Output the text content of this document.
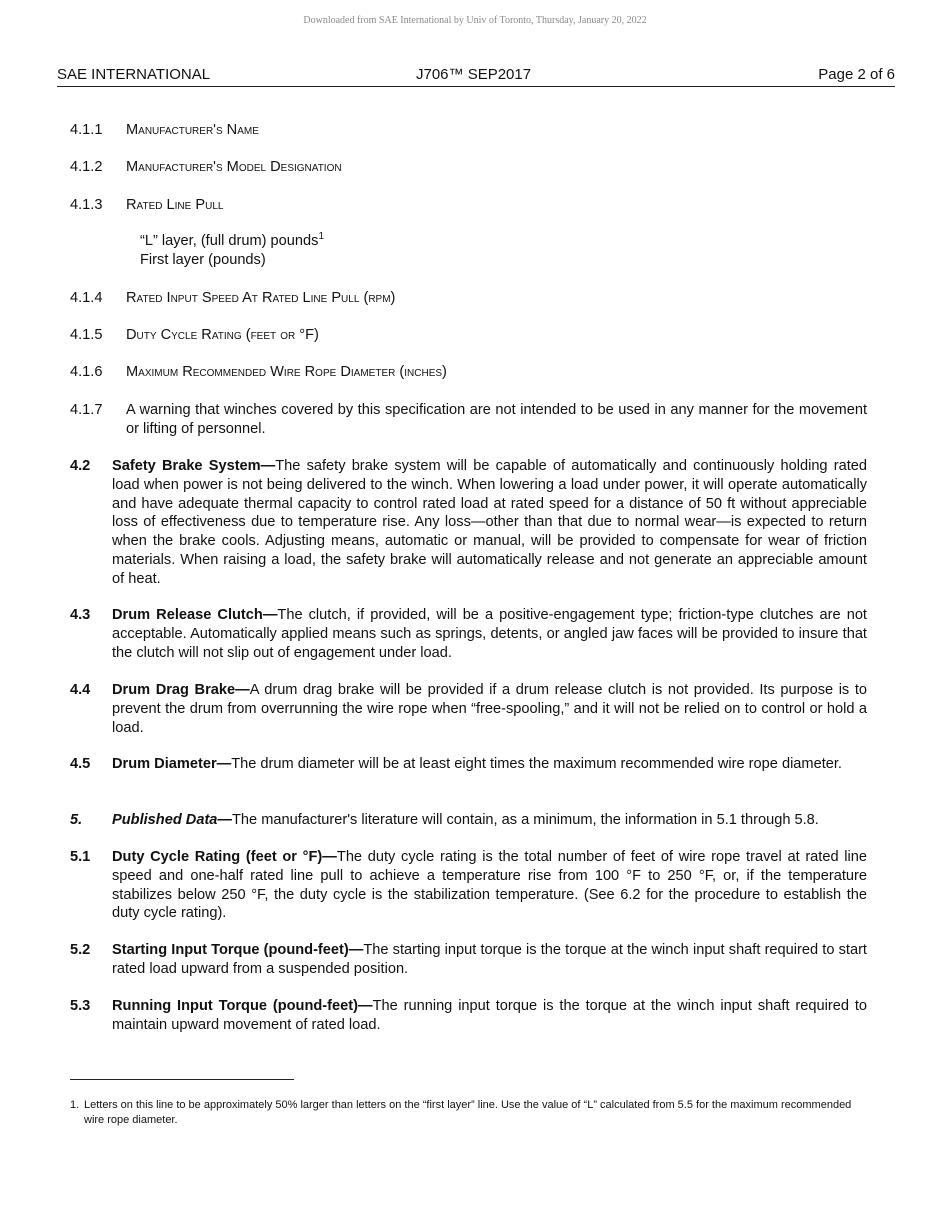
Downloaded from SAE International by Univ of Toronto, Thursday, January 20, 2022
SAE INTERNATIONAL	J706™ SEP2017	Page 2 of 6
4.1.1 Manufacturer's Name
4.1.2 Manufacturer's Model Designation
4.1.3 Rated Line Pull
“L” layer, (full drum) pounds$^1$
First layer (pounds)
4.1.4 Rated Input Speed At Rated Line Pull (rpm)
4.1.5 Duty Cycle Rating (feet or °F)
4.1.6 Maximum Recommended Wire Rope Diameter (inches)
4.1.7 A warning that winches covered by this specification are not intended to be used in any manner for the movement or lifting of personnel.
4.2 Safety Brake System—The safety brake system will be capable of automatically and continuously holding rated load when power is not being delivered to the winch. When lowering a load under power, it will operate automatically and have adequate thermal capacity to control rated load at rated speed for a distance of 50 ft without appreciable loss of effectiveness due to temperature rise. Any loss—other than that due to normal wear—is expected to return when the brake cools. Adjusting means, automatic or manual, will be provided to compensate for wear of friction materials. When raising a load, the safety brake will automatically release and not generate an appreciable amount of heat.
4.3 Drum Release Clutch—The clutch, if provided, will be a positive-engagement type; friction-type clutches are not acceptable. Automatically applied means such as springs, detents, or angled jaw faces will be provided to insure that the clutch will not slip out of engagement under load.
4.4 Drum Drag Brake—A drum drag brake will be provided if a drum release clutch is not provided. Its purpose is to prevent the drum from overrunning the wire rope when “free-spooling,” and it will not be relied on to control or hold a load.
4.5 Drum Diameter—The drum diameter will be at least eight times the maximum recommended wire rope diameter.
5. Published Data—The manufacturer's literature will contain, as a minimum, the information in 5.1 through 5.8.
5.1 Duty Cycle Rating (feet or °F)—The duty cycle rating is the total number of feet of wire rope travel at rated line speed and one-half rated line pull to achieve a temperature rise from 100 °F to 250 °F, or, if the temperature stabilizes below 250 °F, the duty cycle is the stabilization temperature. (See 6.2 for the procedure to establish the duty cycle rating).
5.2 Starting Input Torque (pound-feet)—The starting input torque is the torque at the winch input shaft required to start rated load upward from a suspended position.
5.3 Running Input Torque (pound-feet)—The running input torque is the torque at the winch input shaft required to maintain upward movement of rated load.
1. Letters on this line to be approximately 50% larger than letters on the “first layer” line. Use the value of “L” calculated from 5.5 for the maximum recommended wire rope diameter.
